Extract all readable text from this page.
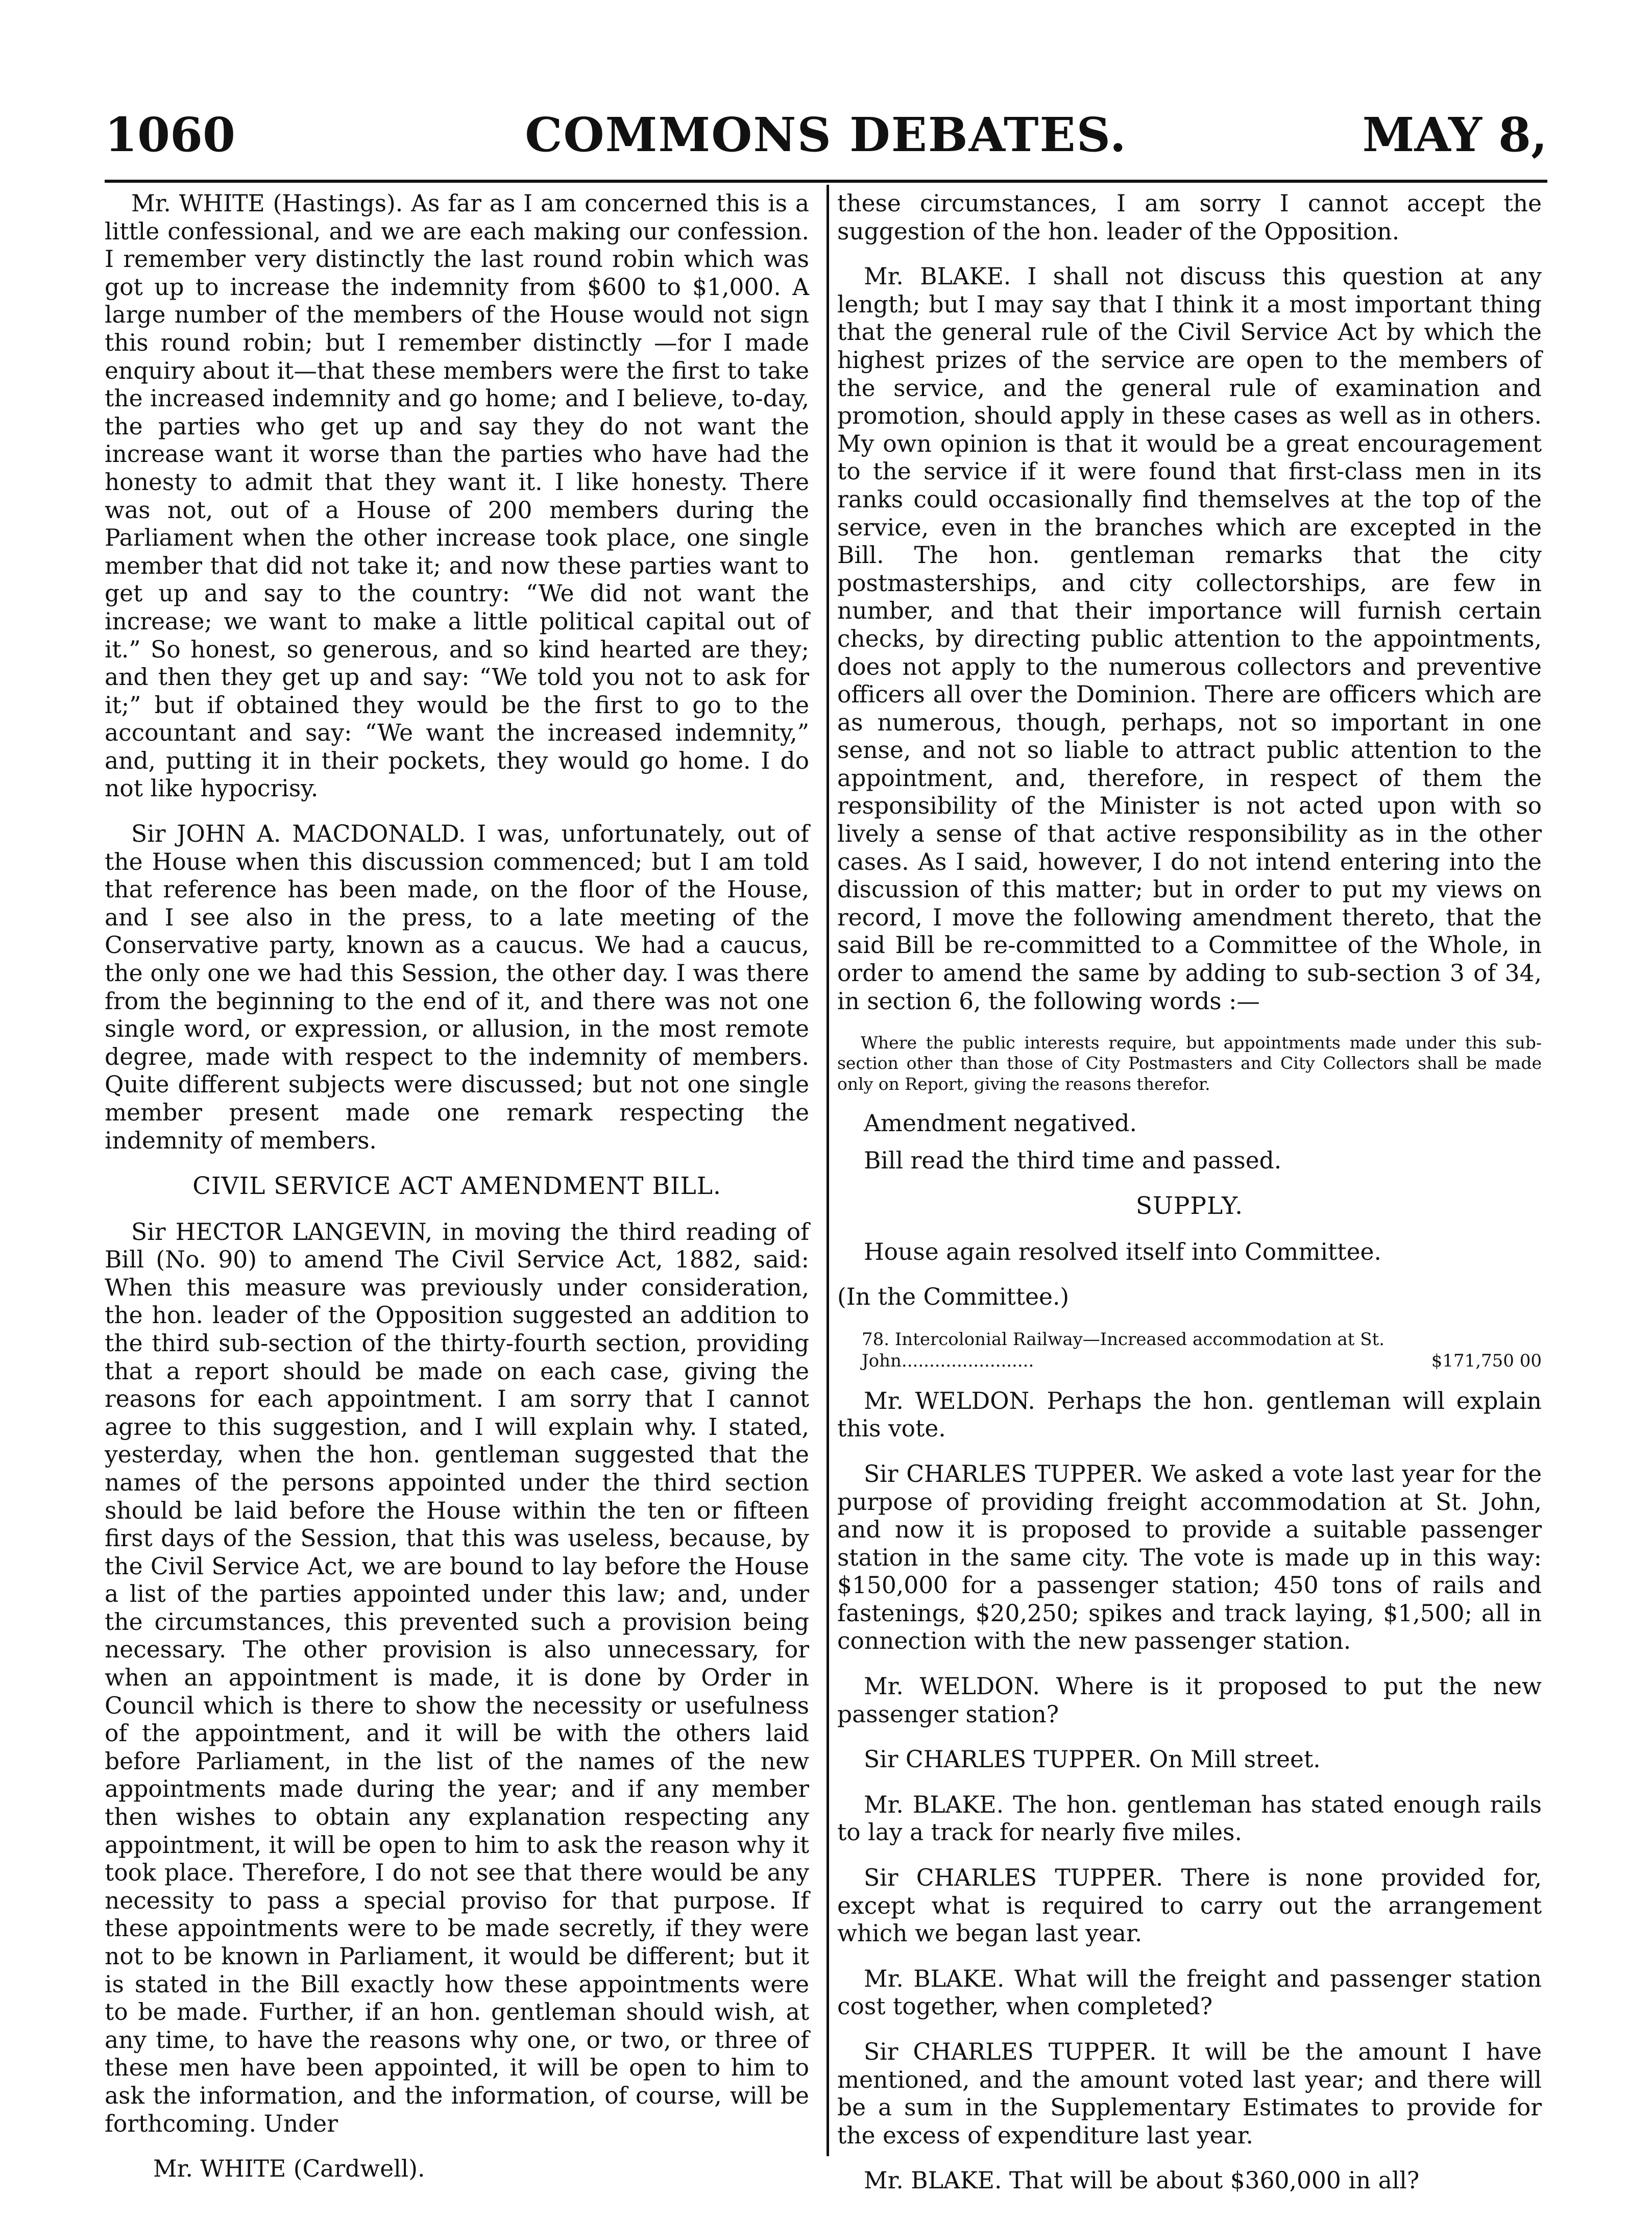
1060	COMMONS DEBATES.	MAY 8,

Mr. WHITE (Hastings). As far as I am concerned this is a little confessional, and we are each making our confession. I remember very distinctly the last round robin which was got up to increase the indemnity from $600 to $1,000. A large number of the members of the House would not sign this round robin; but I remember distinctly —for I made enquiry about it—that these members were the first to take the increased indemnity and go home; and I believe, to-day, the parties who get up and say they do not want the increase want it worse than the parties who have had the honesty to admit that they want it. I like honesty. There was not, out of a House of 200 members during the Parliament when the other increase took place, one single member that did not take it; and now these parties want to get up and say to the country: “We did not want the increase; we want to make a little political capital out of it.” So honest, so generous, and so kind hearted are they; and then they get up and say: “We told you not to ask for it;” but if obtained they would be the first to go to the accountant and say: “We want the increased indemnity,” and, putting it in their pockets, they would go home. I do not like hypocrisy.

Sir JOHN A. MACDONALD. I was, unfortunately, out of the House when this discussion commenced; but I am told that reference has been made, on the floor of the House, and I see also in the press, to a late meeting of the Conservative party, known as a caucus. We had a caucus, the only one we had this Session, the other day. I was there from the beginning to the end of it, and there was not one single word, or expression, or allusion, in the most remote degree, made with respect to the indemnity of members. Quite different subjects were discussed; but not one single member present made one remark respecting the indemnity of members.

CIVIL SERVICE ACT AMENDMENT BILL.

Sir HECTOR LANGEVIN, in moving the third reading of Bill (No. 90) to amend The Civil Service Act, 1882, said: When this measure was previously under consideration, the hon. leader of the Opposition suggested an addition to the third sub-section of the thirty-fourth section, providing that a report should be made on each case, giving the reasons for each appointment. I am sorry that I cannot agree to this suggestion, and I will explain why. I stated, yesterday, when the hon. gentleman suggested that the names of the persons appointed under the third section should be laid before the House within the ten or fifteen first days of the Session, that this was useless, because, by the Civil Service Act, we are bound to lay before the House a list of the parties appointed under this law; and, under the circumstances, this prevented such a provision being necessary. The other provision is also unnecessary, for when an appointment is made, it is done by Order in Council which is there to show the necessity or usefulness of the appointment, and it will be with the others laid before Parliament, in the list of the names of the new appointments made during the year; and if any member then wishes to obtain any explanation respecting any appointment, it will be open to him to ask the reason why it took place. Therefore, I do not see that there would be any necessity to pass a special proviso for that purpose. If these appointments were to be made secretly, if they were not to be known in Parliament, it would be different; but it is stated in the Bill exactly how these appointments were to be made. Further, if an hon. gentleman should wish, at any time, to have the reasons why one, or two, or three of these men have been appointed, it will be open to him to ask the information, and the information, of course, will be forthcoming. Under

Mr. WHITE (Cardwell).

these circumstances, I am sorry I cannot accept the suggestion of the hon. leader of the Opposition.

Mr. BLAKE. I shall not discuss this question at any length; but I may say that I think it a most important thing that the general rule of the Civil Service Act by which the highest prizes of the service are open to the members of the service, and the general rule of examination and promotion, should apply in these cases as well as in others. My own opinion is that it would be a great encouragement to the service if it were found that first-class men in its ranks could occasionally find themselves at the top of the service, even in the branches which are excepted in the Bill. The hon. gentleman remarks that the city postmasterships, and city collectorships, are few in number, and that their importance will furnish certain checks, by directing public attention to the appointments, does not apply to the numerous collectors and preventive officers all over the Dominion. There are officers which are as numerous, though, perhaps, not so important in one sense, and not so liable to attract public attention to the appointment, and, therefore, in respect of them the responsibility of the Minister is not acted upon with so lively a sense of that active responsibility as in the other cases. As I said, however, I do not intend entering into the discussion of this matter; but in order to put my views on record, I move the following amendment thereto, that the said Bill be re-committed to a Committee of the Whole, in order to amend the same by adding to sub-section 3 of 34, in section 6, the following words :—

Where the public interests require, but appointments made under this sub-section other than those of City Postmasters and City Collectors shall be made only on Report, giving the reasons therefor.

Amendment negatived.

Bill read the third time and passed.

SUPPLY.

House again resolved itself into Committee.

(In the Committee.)

78. Intercolonial Railway—Increased accommodation at St. John........................	$171,750 00

Mr. WELDON. Perhaps the hon. gentleman will explain this vote.

Sir CHARLES TUPPER. We asked a vote last year for the purpose of providing freight accommodation at St. John, and now it is proposed to provide a suitable passenger station in the same city. The vote is made up in this way: $150,000 for a passenger station; 450 tons of rails and fastenings, $20,250; spikes and track laying, $1,500; all in connection with the new passenger station.

Mr. WELDON. Where is it proposed to put the new passenger station?

Sir CHARLES TUPPER. On Mill street.

Mr. BLAKE. The hon. gentleman has stated enough rails to lay a track for nearly five miles.

Sir CHARLES TUPPER. There is none provided for, except what is required to carry out the arrangement which we began last year.

Mr. BLAKE. What will the freight and passenger station cost together, when completed?

Sir CHARLES TUPPER. It will be the amount I have mentioned, and the amount voted last year; and there will be a sum in the Supplementary Estimates to provide for the excess of expenditure last year.

Mr. BLAKE. That will be about $360,000 in all?
